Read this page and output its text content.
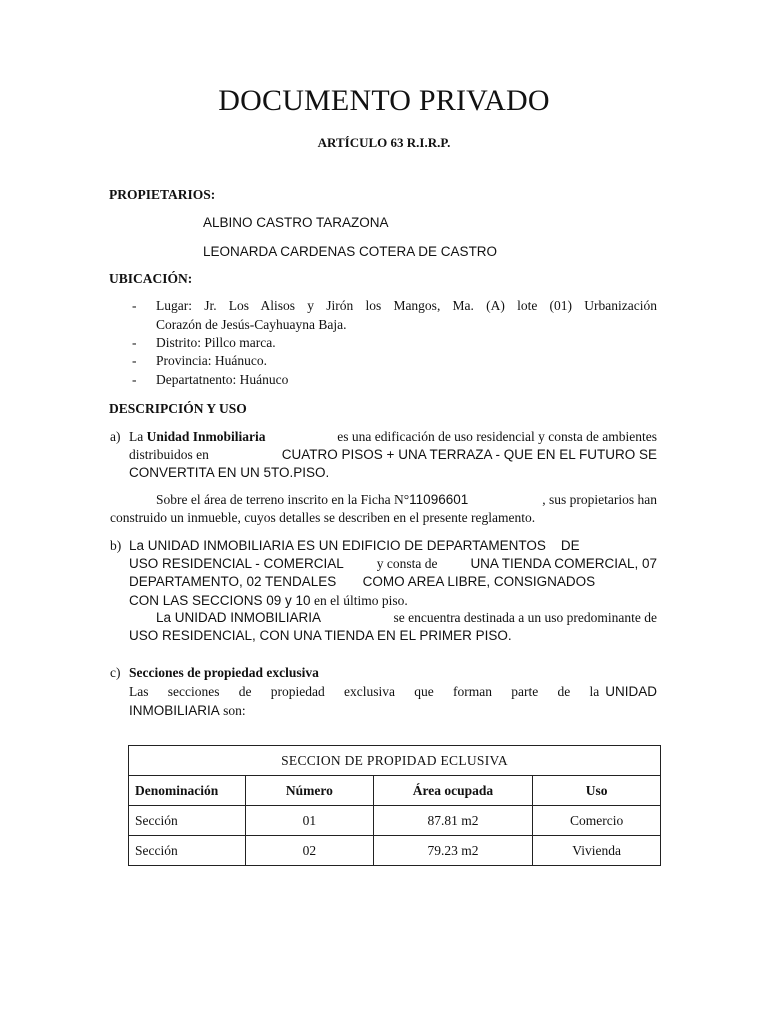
DOCUMENTO PRIVADO
ARTÍCULO 63 R.I.R.P.
PROPIETARIOS:
ALBINO CASTRO TARAZONA
LEONARDA CARDENAS COTERA DE CASTRO
UBICACIÓN:
- Lugar: Jr. Los Alisos y Jirón los Mangos, Ma. (A) lote (01) Urbanización
Corazón de Jesús-Cayhuayna Baja.
- Distrito: Pillco marca.
- Provincia: Huánuco.
- Departatnento: Huánuco
DESCRIPCIÓN Y USO
a) La Unidad Inmobiliaria	es una edificación de uso residencial y consta de ambientes
distribuidos en	CUATRO PISOS + UNA TERRAZA - QUE EN EL FUTURO SE
CONVERTITA EN UN 5TO.PISO.
Sobre el área de terreno inscrito en la Ficha N° 11096601	, sus propietarios han
construido un inmueble, cuyos detalles se describen en el presente reglamento.
b) La UNIDAD INMOBILIARIA ES UN EDIFICIO DE DEPARTAMENTOS    DE
USO RESIDENCIAL - COMERCIAL y consta de UNA TIENDA COMERCIAL, 07
DEPARTAMENTO, 02 TENDALES       COMO AREA LIBRE, CONSIGNADOS
CON LAS SECCIONS 09 y 10 en el último piso.
La UNIDAD INMOBILIARIA	se encuentra destinada a un uso predominante de
USO RESIDENCIAL, CON UNA TIENDA EN EL PRIMER PISO.
c) Secciones de propiedad exclusiva
Las secciones de propiedad exclusiva que forman parte de la UNIDAD
INMOBILIARIA son:
SECCION DE PROPIDAD ECLUSIVA			
Denominación	Número	Área ocupada	Uso
Sección	01	87.81 m2	Comercio
Sección	02	79.23 m2	Vivienda
